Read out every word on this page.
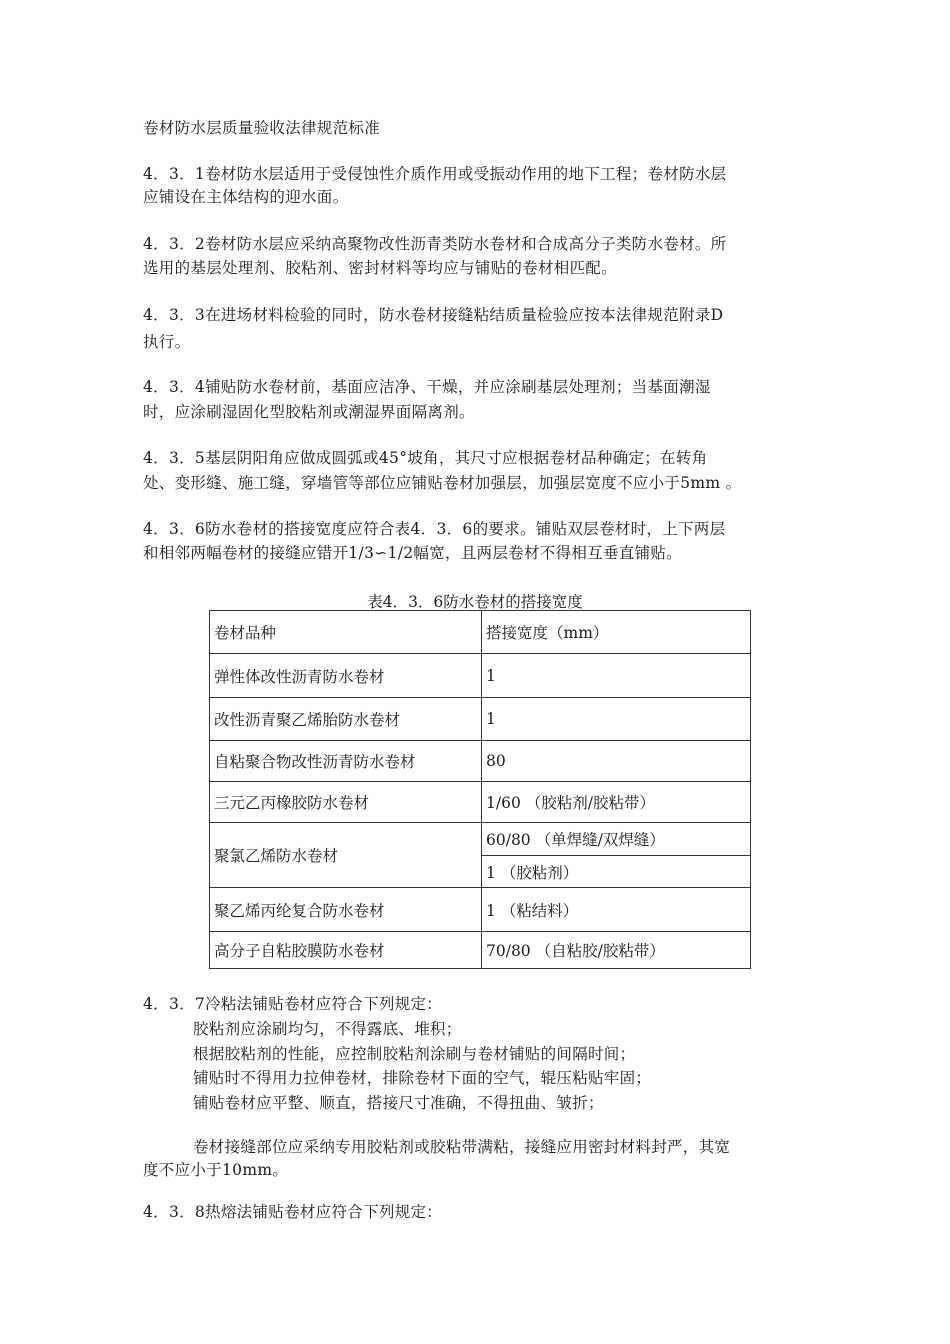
卷材防水层质量验收法律规范标准
4．3．1卷材防水层适用于受侵蚀性介质作用或受振动作用的地下工程；卷材防水层
应铺设在主体结构的迎水面。
4．3．2卷材防水层应采纳高聚物改性沥青类防水卷材和合成高分子类防水卷材。所
选用的基层处理剂、胶粘剂、密封材料等均应与铺贴的卷材相匹配。
4．3．3在进场材料检验的同时，防水卷材接缝粘结质量检验应按本法律规范附录D
执行。
4．3．4铺贴防水卷材前，基面应洁净、干燥，并应涂刷基层处理剂；当基面潮湿
时，应涂刷湿固化型胶粘剂或潮湿界面隔离剂。
4．3．5基层阴阳角应做成圆弧或45°坡角，其尺寸应根据卷材品种确定；在转角
处、变形缝、施工缝，穿墙管等部位应铺贴卷材加强层，加强层宽度不应小于5mm 。
4．3．6防水卷材的搭接宽度应符合表4．3．6的要求。铺贴双层卷材时，上下两层
和相邻两幅卷材的接缝应错开1/3∽1/2幅宽，且两层卷材不得相互垂直铺贴。
表4．3．6防水卷材的搭接宽度
卷材品种	搭接宽度（mm）
弹性体改性沥青防水卷材	1
改性沥青聚乙烯胎防水卷材	1
自粘聚合物改性沥青防水卷材	80
三元乙丙橡胶防水卷材	1/60 （胶粘剂/胶粘带）
聚氯乙烯防水卷材	60/80 （单焊缝/双焊缝）
	1 （胶粘剂）
聚乙烯丙纶复合防水卷材	1 （粘结料）
高分子自粘胶膜防水卷材	70/80 （自粘胶/胶粘带）
4．3．7冷粘法铺贴卷材应符合下列规定：
胶粘剂应涂刷均匀，不得露底、堆积；
根据胶粘剂的性能，应控制胶粘剂涂刷与卷材铺贴的间隔时间；
铺贴时不得用力拉伸卷材，排除卷材下面的空气，辊压粘贴牢固；
铺贴卷材应平整、顺直，搭接尺寸准确，不得扭曲、皱折；
卷材接缝部位应采纳专用胶粘剂或胶粘带满粘，接缝应用密封材料封严，其宽
度不应小于10mm。
4．3．8热熔法铺贴卷材应符合下列规定：
